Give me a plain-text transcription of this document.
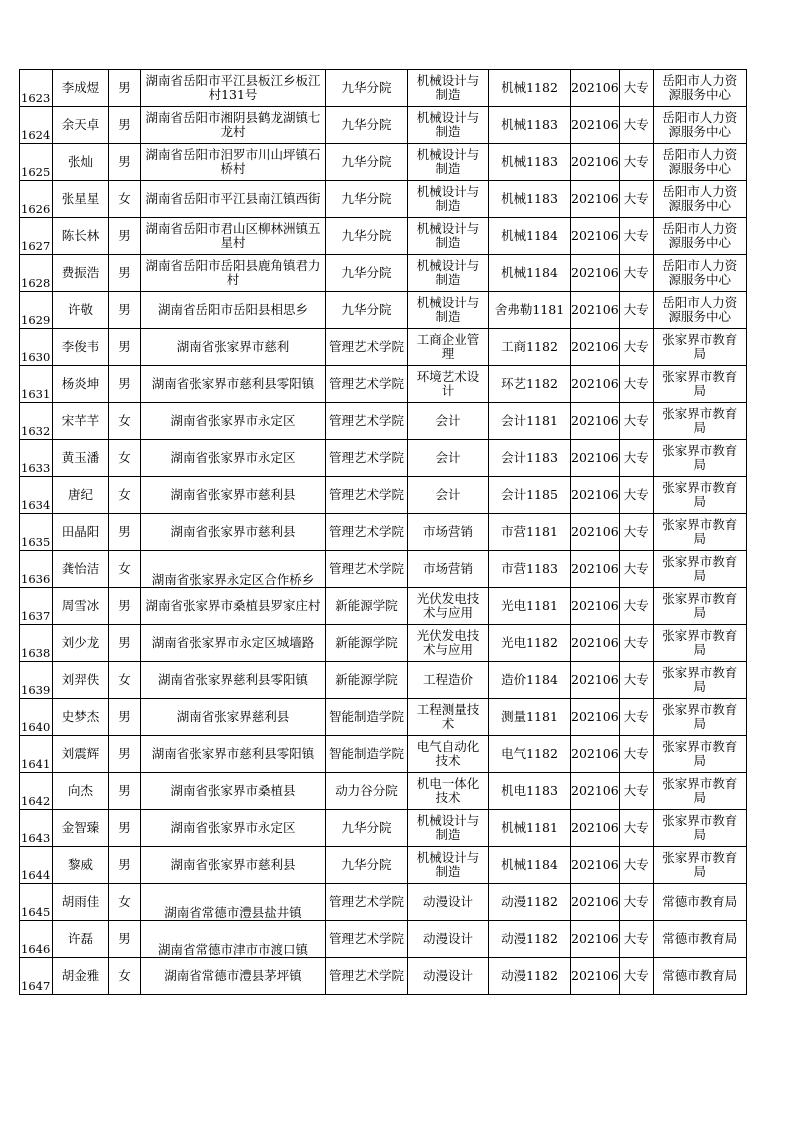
1623	李成煜	男	湖南省岳阳市平江县板江乡板江村131号	九华分院	机械设计与制造	机械1182	202106	大专	岳阳市人力资源服务中心
1624	余天卓	男	湖南省岳阳市湘阴县鹤龙湖镇七龙村	九华分院	机械设计与制造	机械1183	202106	大专	岳阳市人力资源服务中心
1625	张灿	男	湖南省岳阳市汨罗市川山坪镇石桥村	九华分院	机械设计与制造	机械1183	202106	大专	岳阳市人力资源服务中心
1626	张星星	女	湖南省岳阳市平江县南江镇西街	九华分院	机械设计与制造	机械1183	202106	大专	岳阳市人力资源服务中心
1627	陈长林	男	湖南省岳阳市君山区柳林洲镇五星村	九华分院	机械设计与制造	机械1184	202106	大专	岳阳市人力资源服务中心
1628	费振浩	男	湖南省岳阳市岳阳县鹿角镇君力村	九华分院	机械设计与制造	机械1184	202106	大专	岳阳市人力资源服务中心
1629	许敬	男	湖南省岳阳市岳阳县相思乡	九华分院	机械设计与制造	舍弗勒1181	202106	大专	岳阳市人力资源服务中心
1630	李俊韦	男	湖南省张家界市慈利	管理艺术学院	工商企业管理	工商1182	202106	大专	张家界市教育局
1631	杨炎坤	男	湖南省张家界市慈利县零阳镇	管理艺术学院	环境艺术设计	环艺1182	202106	大专	张家界市教育局
1632	宋芊芊	女	湖南省张家界市永定区	管理艺术学院	会计	会计1181	202106	大专	张家界市教育局
1633	黄玉潘	女	湖南省张家界市永定区	管理艺术学院	会计	会计1183	202106	大专	张家界市教育局
1634	唐纪	女	湖南省张家界市慈利县	管理艺术学院	会计	会计1185	202106	大专	张家界市教育局
1635	田晶阳	男	湖南省张家界市慈利县	管理艺术学院	市场营销	市营1181	202106	大专	张家界市教育局
1636	龚怡洁	女	湖南省张家界永定区合作桥乡	管理艺术学院	市场营销	市营1183	202106	大专	张家界市教育局
1637	周雪冰	男	湖南省张家界市桑植县罗家庄村	新能源学院	光伏发电技术与应用	光电1181	202106	大专	张家界市教育局
1638	刘少龙	男	湖南省张家界市永定区城墙路	新能源学院	光伏发电技术与应用	光电1182	202106	大专	张家界市教育局
1639	刘羿佚	女	湖南省张家界慈利县零阳镇	新能源学院	工程造价	造价1184	202106	大专	张家界市教育局
1640	史梦杰	男	湖南省张家界慈利县	智能制造学院	工程测量技术	测量1181	202106	大专	张家界市教育局
1641	刘震辉	男	湖南省张家界市慈利县零阳镇	智能制造学院	电气自动化技术	电气1182	202106	大专	张家界市教育局
1642	向杰	男	湖南省张家界市桑植县	动力谷分院	机电一体化技术	机电1183	202106	大专	张家界市教育局
1643	金智臻	男	湖南省张家界市永定区	九华分院	机械设计与制造	机械1181	202106	大专	张家界市教育局
1644	黎威	男	湖南省张家界市慈利县	九华分院	机械设计与制造	机械1184	202106	大专	张家界市教育局
1645	胡雨佳	女	湖南省常德市澧县盐井镇	管理艺术学院	动漫设计	动漫1182	202106	大专	常德市教育局
1646	许磊	男	湖南省常德市津市市渡口镇	管理艺术学院	动漫设计	动漫1182	202106	大专	常德市教育局
1647	胡金雅	女	湖南省常德市澧县茅坪镇	管理艺术学院	动漫设计	动漫1182	202106	大专	常德市教育局
